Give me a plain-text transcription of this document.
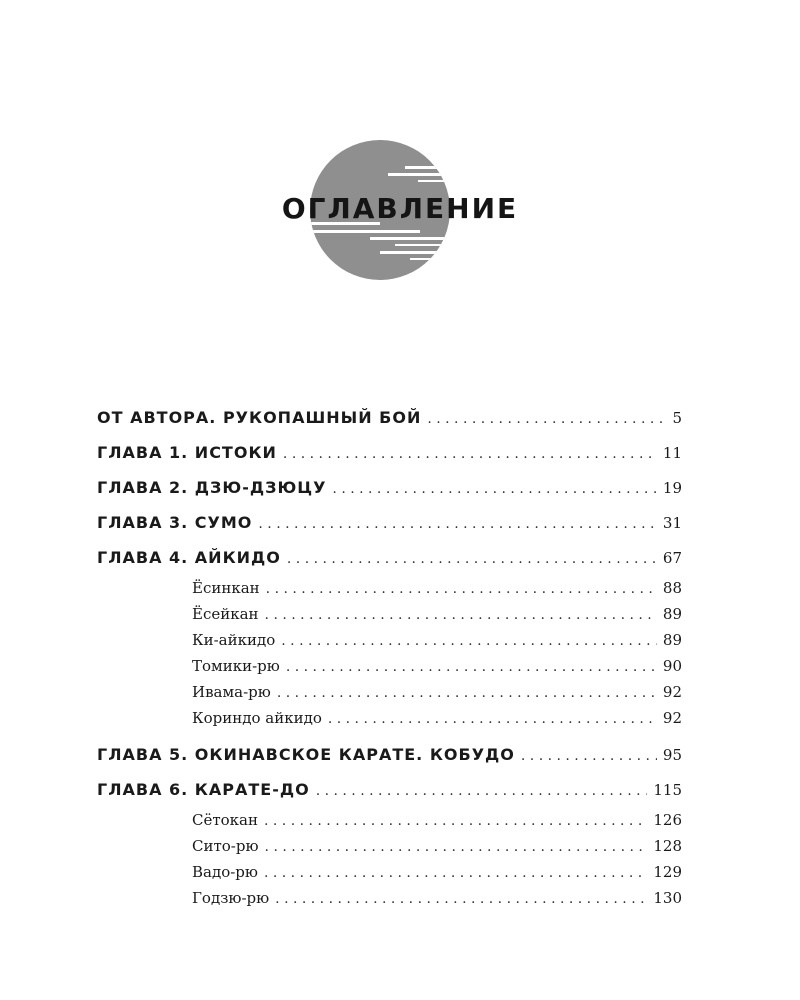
ОГЛАВЛЕНИЕ
ОТ АВТОРА. РУКОПАШНЫЙ БОЙ . . .	5
ГЛАВА 1. ИСТОКИ . . .	11
ГЛАВА 2. ДЗЮ-ДЗЮЦУ . . .	19
ГЛАВА 3. СУМО . . .	31
ГЛАВА 4. АЙКИДО . . .	67
Ёсинкан . . .	88
Ёсейкан . . .	89
Ки-айкидо . . .	89
Томики-рю . . .	90
Ивама-рю . . .	92
Кориндо айкидо . . .	92
ГЛАВА 5. ОКИНАВСКОЕ КАРАТЕ. КОБУДО . . .	95
ГЛАВА 6. КАРАТЕ-ДО . . .	115
Сётокан . . .	126
Сито-рю . . .	128
Вадо-рю . . .	129
Годзю-рю . . .	130
